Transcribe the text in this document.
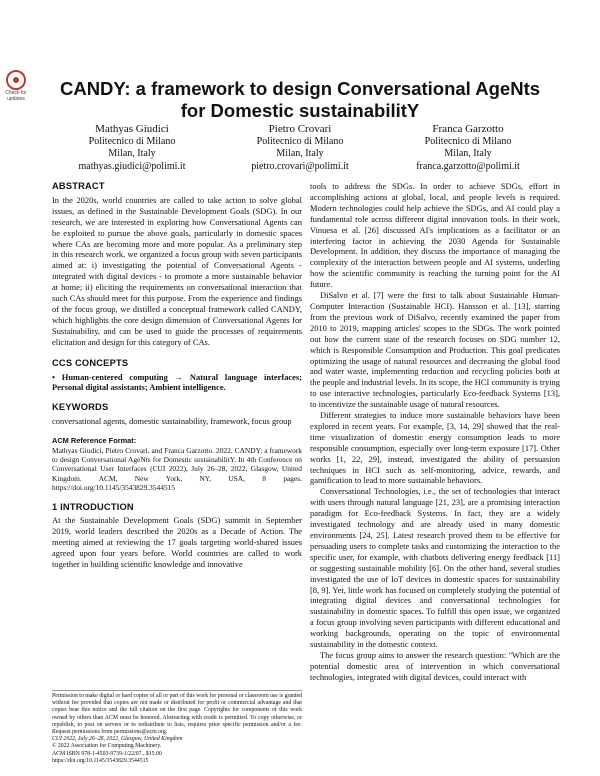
Check for updates	CANDY: a framework to design Conversational AgeNts for Domestic sustainabilitY
Mathyas Giudici
Politecnico di Milano
Milan, Italy
mathyas.giudici@polimi.it
Pietro Crovari
Politecnico di Milano
Milan, Italy
pietro.crovari@polimi.it
Franca Garzotto
Politecnico di Milano
Milan, Italy
franca.garzotto@polimi.it
ABSTRACT

In the 2020s, world countries are called to take action to solve global issues, as defined in the Sustainable Development Goals (SDG). In our research, we are interested in exploring how Conversational Agents can be exploited to pursue the above goals, particularly in domestic spaces where CAs are becoming more and more popular. As a preliminary step in this research work, we organized a focus group with seven participants aimed at: i) investigating the potential of Conversational Agents - integrated with digital devices - to promote a more sustainable behavior at home; ii) eliciting the requirements on conversational interaction that such CAs should meet for this purpose. From the experience and findings of the focus group, we distilled a conceptual framework called CANDY, which highlights the core design dimension of Conversational Agents for Sustainability, and can be used to guide the processes of requirements elicitation and design for this category of CAs.

CCS CONCEPTS

• Human-centered computing → Natural language interfaces; Personal digital assistants; Ambient intelligence.

KEYWORDS

conversational agents, domestic sustainability, framework, focus group

ACM Reference Format:

Mathyas Giudici, Pietro Crovari, and Franca Garzotto. 2022. CANDY: a framework to design Conversational AgeNts for Domestic sustainabilitY. In 4th Conference on Conversational User Interfaces (CUI 2022), July 26–28, 2022, Glasgow, United Kingdom. ACM, New York, NY, USA, 8 pages. https://doi.org/10.1145/3543829.3544515

1 INTRODUCTION

At the Sustainable Development Goals (SDG) summit in September 2019, world leaders described the 2020s as a Decade of Action. The meeting aimed at reviewing the 17 goals targeting world-shared issues agreed upon four years before. World countries are called to work together in building scientific knowledge and innovative

Permission to make digital or hard copies of all or part of this work for personal or classroom use is granted without fee provided that copies are not made or distributed for profit or commercial advantage and that copies bear this notice and the full citation on the first page. Copyrights for components of this work owned by others than ACM must be honored. Abstracting with credit is permitted. To copy otherwise, or republish, to post on servers or to redistribute to lists, requires prior specific permission and/or a fee. Request permissions from permissions@acm.org.

CUI 2022, July 26–28, 2022, Glasgow, United Kingdom
© 2022 Association for Computing Machinery.
ACM ISBN 978-1-4503-9739-1/22/07...$15.00
https://doi.org/10.1145/3543829.3544515

tools to address the SDGs. In order to achieve SDGs, effort in accomplishing actions at global, local, and people levels is required. Modern technologies could help achieve the SDGs, and AI could play a fundamental role across different digital innovation tools. In their work, Vinuesa et al. [26] discussed AI's implications as a facilitator or an interfering factor in achieving the 2030 Agenda for Sustainable Development. In addition, they discuss the importance of managing the complexity of the interaction between people and AI systems, underling how the scientific community is reaching the turning point for the AI future.

DiSalvo et al. [7] were the first to talk about Sustainable Human-Computer Interaction (Sustainable HCI). Hansson et al. [13], starting from the previous work of DiSalvo, recently examined the paper from 2010 to 2019, mapping articles' scopes to the SDGs. The work pointed out how the current state of the research focuses on SDG number 12, which is Responsible Consumption and Production. This goal predicates optimizing the usage of natural resources and decreasing the global food and water waste, implementing reduction and recycling policies both at the people and industrial levels. In its scope, the HCI community is trying to use interactive technologies, particularly Eco-feedback Systems [13], to incentivize the sustainable usage of natural resources.

Different strategies to induce more sustainable behaviors have been explored in recent years. For example, [3, 14, 29] showed that the real-time visualization of domestic energy consumption leads to more responsible consumption, especially over long-term exposure [17]. Other works [1, 22, 29], instead, investigated the ability of persuasion techniques in HCI such as self-monitoring, advice, rewards, and gamification to lead to more sustainable behaviors.

Conversational Technologies, i.e., the set of technologies that interact with users through natural language [21, 23], are a promising interaction paradigm for Eco-feedback Systems. In fact, they are a widely investigated technology and are already used in many domestic environments [24, 25]. Latest research proved them to be effective for persuading users to complete tasks and customizing the interaction to the specific user, for example, with chatbots delivering energy feedback [11] or suggesting sustainable mobility [6]. On the other hand, several studies investigated the use of IoT devices in domestic spaces for sustainability [8, 9]. Yet, little work has focused on completely studying the potential of integrating digital devices and conversational technologies for sustainability in domestic spaces. To fulfill this open issue, we organized a focus group involving seven participants with different educational and working backgrounds, operating on the topic of environmental sustainability in the domestic context.

The focus group aims to answer the research question: "Which are the potential domestic area of intervention in which conversational technologies, integrated with digital devices, could interact with
